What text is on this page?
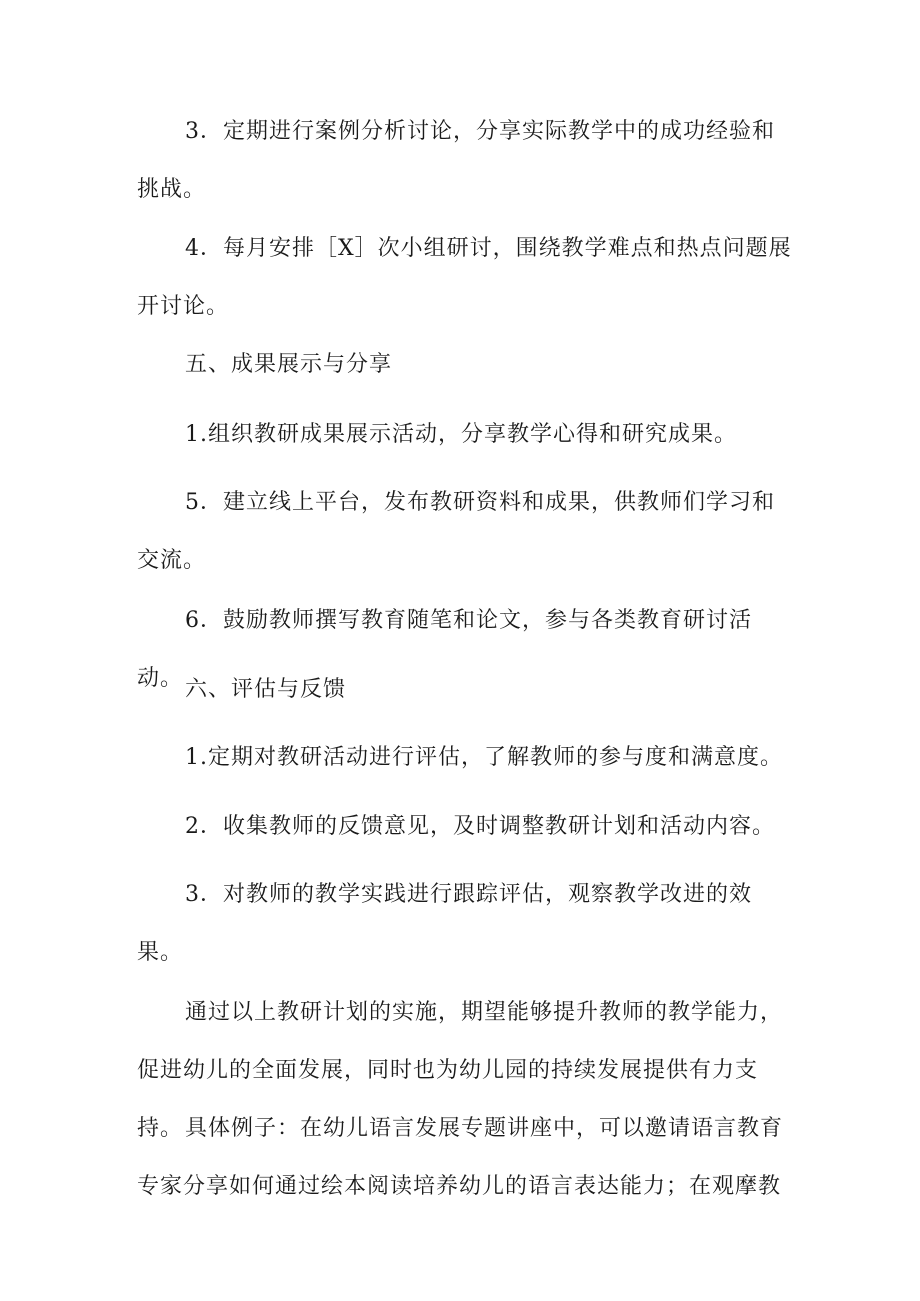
3．定期进行案例分析讨论，分享实际教学中的成功经验和挑战。
4．每月安排［X］次小组研讨，围绕教学难点和热点问题展开讨论。
五、成果展示与分享
1.组织教研成果展示活动，分享教学心得和研究成果。
5．建立线上平台，发布教研资料和成果，供教师们学习和交流。
6．鼓励教师撰写教育随笔和论文，参与各类教育研讨活动。 六、评估与反馈
1.定期对教研活动进行评估，了解教师的参与度和满意度。
2．收集教师的反馈意见，及时调整教研计划和活动内容。
3．对教师的教学实践进行跟踪评估，观察教学改进的效果。
通过以上教研计划的实施，期望能够提升教师的教学能力，促进幼儿的全面发展，同时也为幼儿园的持续发展提供有力支持。 具体例子：在幼儿语言发展专题讲座中，可以邀请语言教育专家分享如何通过绘本阅读培养幼儿的语言表达能力；在观摩教
